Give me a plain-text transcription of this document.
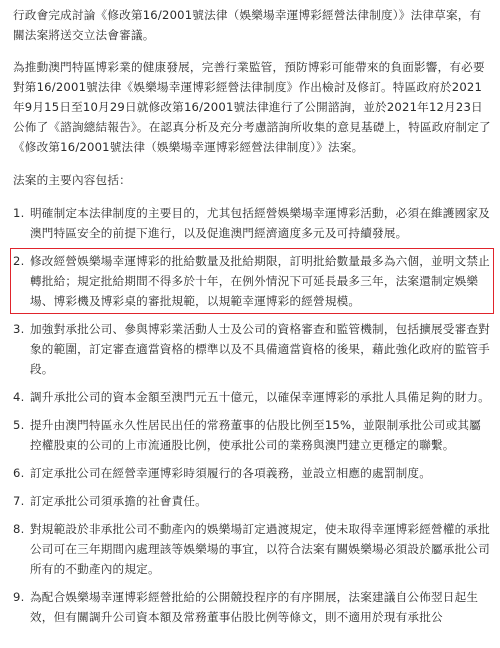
行政會完成討論《修改第16/2001號法律（娛樂場幸運博彩經營法律制度）》法律草案，有關法案將送交立法會審議。

為推動澳門特區博彩業的健康發展，完善行業監管，預防博彩可能帶來的負面影響，有必要對第16/2001號法律《娛樂場幸運博彩經營法律制度》作出檢討及修訂。特區政府於2021年9月15日至10月29日就修改第16/2001號法律進行了公開諮詢，並於2021年12月23日公佈了《諮詢總結報告》。在認真分析及充分考慮諮詢所收集的意見基礎上，特區政府制定了《修改第16/2001號法律（娛樂場幸運博彩經營法律制度）》法案。

法案的主要內容包括：

1. 明確制定本法律制度的主要目的，尤其包括經營娛樂場幸運博彩活動，必須在維護國家及澳門特區安全的前提下進行，以及促進澳門經濟適度多元及可持續發展。
2. 修改經營娛樂場幸運博彩的批給數量及批給期限，訂明批給數量最多為六個，並明文禁止轉批給；規定批給期間不得多於十年，在例外情況下可延長最多三年，法案還制定娛樂場、博彩機及博彩桌的審批規範，以規範幸運博彩的經營規模。
3. 加強對承批公司、參與博彩業活動人士及公司的資格審查和監管機制，包括擴展受審查對象的範圍，訂定審查適當資格的標準以及不具備適當資格的後果，藉此強化政府的監管手段。
4. 調升承批公司的資本金額至澳門元五十億元，以確保幸運博彩的承批人具備足夠的財力。
5. 提升由澳門特區永久性居民出任的常務董事的佔股比例至15%，並限制承批公司或其屬控權股東的公司的上市流通股比例，使承批公司的業務與澳門建立更穩定的聯繫。
6. 訂定承批公司在經營幸運博彩時須履行的各項義務，並設立相應的處罰制度。
7. 訂定承批公司須承擔的社會責任。
8. 對規範設於非承批公司不動產內的娛樂場訂定過渡規定，使未取得幸運博彩經營權的承批公司可在三年期間內處理該等娛樂場的事宜，以符合法案有關娛樂場必須設於屬承批公司所有的不動產內的規定。
9. 為配合娛樂場幸運博彩經營批給的公開競投程序的有序開展，法案建議自公佈翌日起生效，但有關調升公司資本額及常務董事佔股比例等條文，則不適用於現有承批公
